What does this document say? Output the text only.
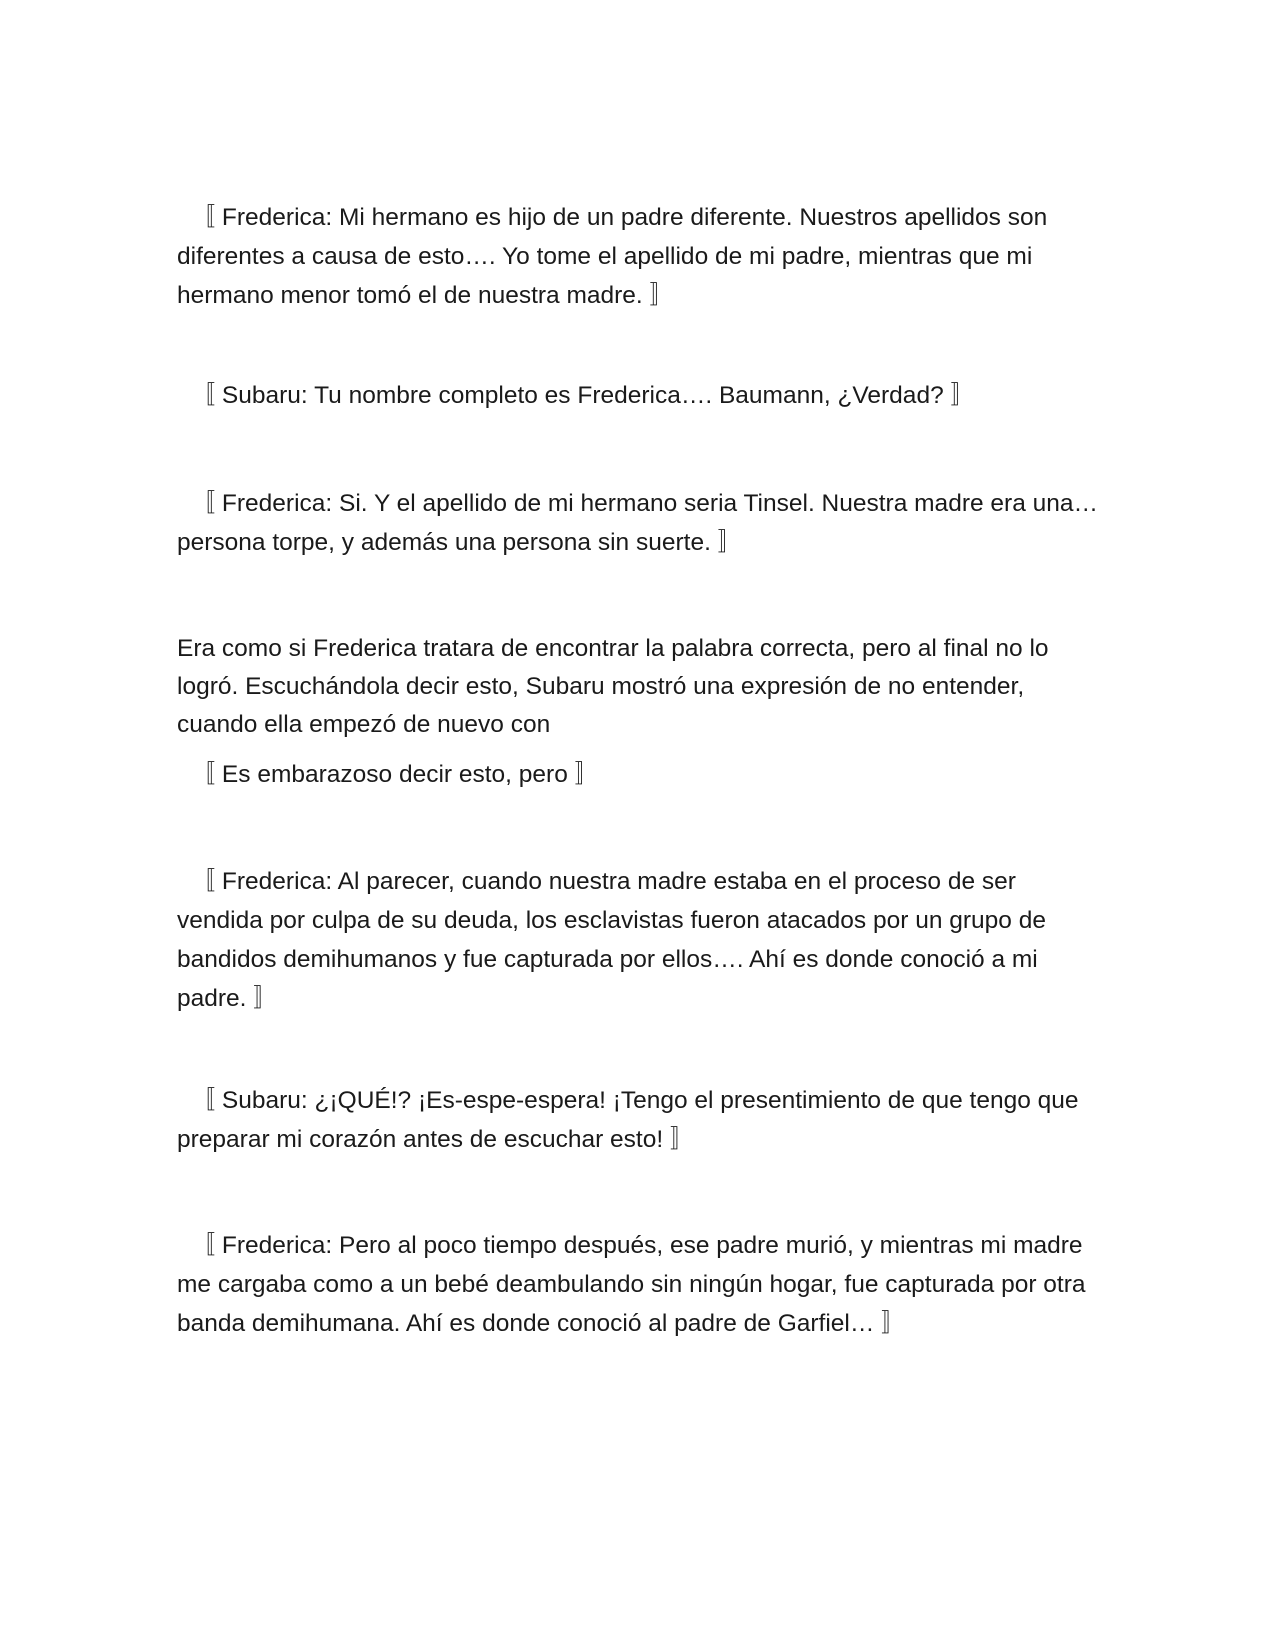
〚 Frederica: Mi hermano es hijo de un padre diferente. Nuestros apellidos son diferentes a causa de esto…. Yo tome el apellido de mi padre, mientras que mi hermano menor tomó el de nuestra madre. 〛

〚 Subaru: Tu nombre completo es Frederica…. Baumann, ¿Verdad? 〛

〚 Frederica: Si. Y el apellido de mi hermano seria Tinsel. Nuestra madre era una… persona torpe, y además una persona sin suerte. 〛

Era como si Frederica tratara de encontrar la palabra correcta, pero al final no lo logró. Escuchándola decir esto, Subaru mostró una expresión de no entender, cuando ella empezó de nuevo con

〚 Es embarazoso decir esto, pero 〛

〚 Frederica: Al parecer, cuando nuestra madre estaba en el proceso de ser vendida por culpa de su deuda, los esclavistas fueron atacados por un grupo de bandidos demihumanos y fue capturada por ellos…. Ahí es donde conoció a mi padre. 〛

〚 Subaru: ¿¡QUÉ!? ¡Es-espe-espera! ¡Tengo el presentimiento de que tengo que preparar mi corazón antes de escuchar esto! 〛

〚 Frederica: Pero al poco tiempo después, ese padre murió, y mientras mi madre me cargaba como a un bebé deambulando sin ningún hogar, fue capturada por otra banda demihumana. Ahí es donde conoció al padre de Garfiel… 〛
